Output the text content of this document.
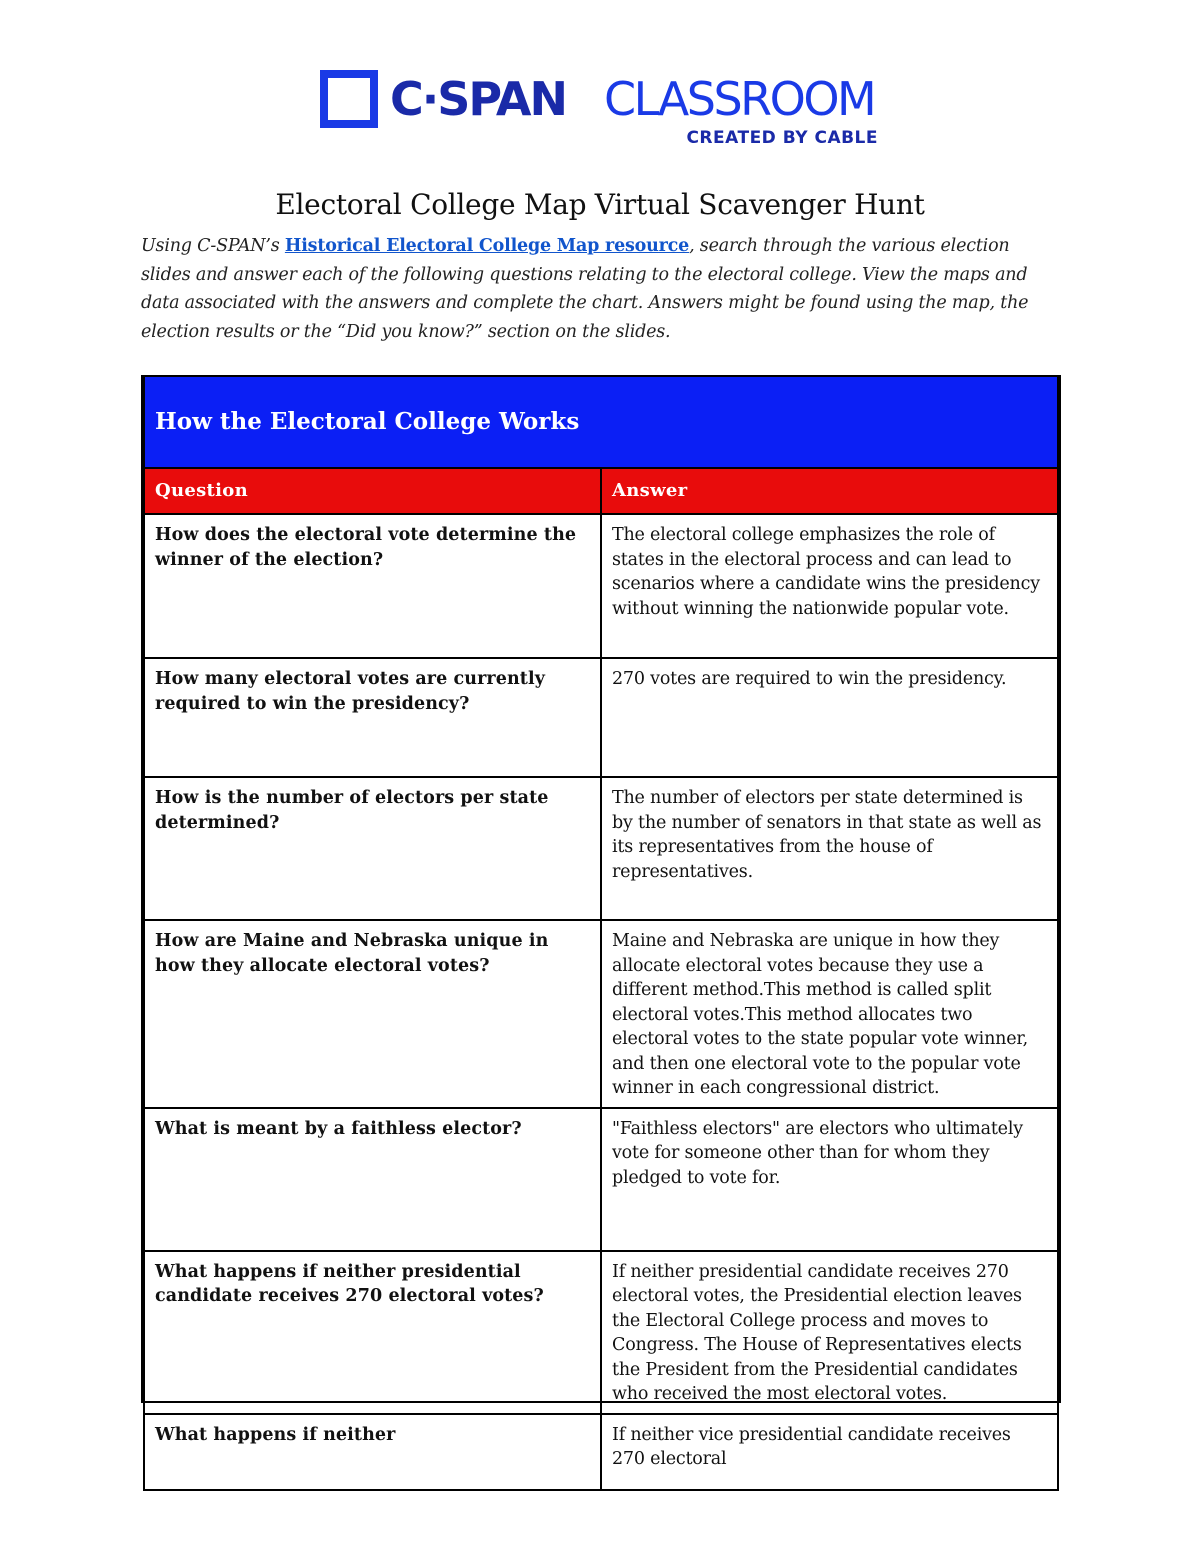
C·SPAN CLASSROOM
CREATED BY CABLE
Electoral College Map Virtual Scavenger Hunt
Using C-SPAN’s Historical Electoral College Map resource, search through the various election slides and answer each of the following questions relating to the electoral college. View the maps and data associated with the answers and complete the chart. Answers might be found using the map, the election results or the “Did you know?” section on the slides.
How the Electoral College Works	
Question	Answer
How does the electoral vote determine the winner of the election?	The electoral college emphasizes the role of states in the electoral process and can lead to scenarios where a candidate wins the presidency without winning the nationwide popular vote.
How many electoral votes are currently required to win the presidency?	270 votes are required to win the presidency.
How is the number of electors per state determined?	The number of electors per state determined is by the number of senators in that state as well as its representatives from the house of representatives.
How are Maine and Nebraska unique in how they allocate electoral votes?	Maine and Nebraska are unique in how they allocate electoral votes because they use a different method.This method is called split electoral votes.This method allocates two electoral votes to the state popular vote winner, and then one electoral vote to the popular vote winner in each congressional district.
What is meant by a faithless elector?	"Faithless electors" are electors who ultimately vote for someone other than for whom they pledged to vote for.
What happens if neither presidential candidate receives 270 electoral votes?	If neither presidential candidate receives 270 electoral votes, the Presidential election leaves the Electoral College process and moves to Congress. The House of Representatives elects the President from the Presidential candidates who received the most electoral votes.
What happens if neither	If neither vice presidential candidate receives 270 electoral
